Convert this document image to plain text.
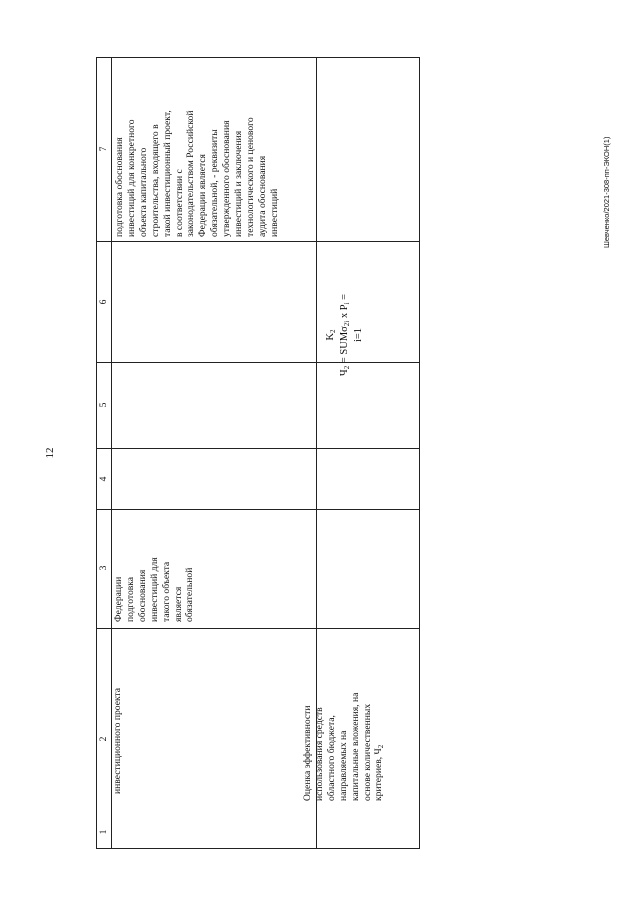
12
Шевченко/2021-308-пп-ЭКОН(1)
1
2
3
4
5
6
7
инвестиционного проекта
Федерации подготовка обоснования инвестиций для такого объекта является обязательной
подготовка обоснования инвестиций для конкретного объекта капитального строительства, входящего в такой инвестиционный проект, в соответствии с законодательством Российской Федерации является обязательной, - реквизиты утвержденного обоснования инвестиций и заключения технологического и ценового аудита обоснования инвестиций
Оценка эффективности использования средств областного бюджета, направляемых на капитальные вложения, на основе количественных критериев, $Ч_2$
$K_2$
$Ч_2 = SUM\sigma_{2i}$ x $P_i$ =
i=1
